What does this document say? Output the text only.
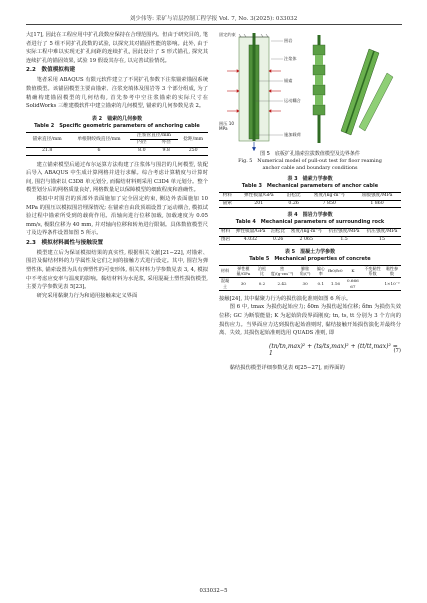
刘少伟等: 采矿与岩层控制工程学报 Vol. 7, No. 3(2025): 033032

大[17], 因此在工程应用中扩孔段数应保持在合理范围内。但由于研究目的, 笔者进行了 5 组不同扩孔段数的试验, 以探究其对锚固性能的影响。此外, 由于实际工程中难以实现无扩孔间距的连续扩孔, 因此设计了 S 形式锚孔, 探究其连续扩孔的锚固效果, 试验 19 假设其存在, 以完善试验情况。

2.2　数值模拟构建

笔者采用 ABAQUS 有限元软件建立了不同扩孔参数下注浆锚索锚固系统数值模型。该锚固模型主要由锚索、注浆充填体及围岩等 3 个部分组成, 为了精确构建锚固模型的几何结构, 首先参考中空注浆锚索的实际尺寸在 SolidWorks 三维建模软件中建立锚索的几何模型, 锚索的几何参数见表 2。

表 2　锚索的几何参数
Table 2　Specific geometric parameters of anchoring cable
锚索直径/mm	单根钢绞线直径/mm	注浆管直径/mm		捻距/mm
		内径	外径	
21.8	6	8.0	9.8	250

建立锚索模型后通过布尔运算方法构建了注浆体与围岩的几何模型, 装配后导入 ABAQUS 中生成计算网格并进行求解。综合考虑计算精度与计算时间, 围岩与锚索以 C3D8 单元划分, 而黏结材料则采用 C3D4 单元划分。整个模型划分后的网格质量良好, 网格数量足以保障模型的细致程度和准确性。

模拟中对围岩的顶部外表面施加了完全固定约束, 侧边外表面施加 10 MPa 的围压以模拟围岩埋深情况; 在锚索自由段顶端设置了运动耦合, 模拟试验过程中锚索所受到的载荷作用。沿轴向进行位移加载, 加载速度为 0.05 mm/s, 极限位移为 40 mm, 并对轴向位移和转角进行限制。具体数值模型尺寸及边界条件设置如图 5 所示。

2.3　模拟材料属性与接触设置

模型建立后为保证模拟结果的真实性, 根据相关文献[21−22], 对锚索、围岩及黏结材料的力学属性及它们之间的接触方式进行设定。其中, 围岩为弹塑性体, 锚索设置为具有弹塑性的可变形体, 相关材料力学参数见表 3, 4, 模拟中不考虑应变率与温度的影响。黏结材料为水泥浆, 采用混凝土塑性损伤模型, 主要力学参数见表 5[23]。

研究采用黏聚力行为和通用接触来定义界面

固定约束
围岩
注浆体
锚索
运动耦合
施加载荷
围压 10 MPa
图 5　底板扩孔锚索拉拔数值模型及边界条件
Fig. 5　Numerical model of pull-out test for floor reaming
anchor cable and boundary conditions
表 3　锚索力学参数
Table 3　Mechanical parameters of anchor cable
材料	弹性模量/GPa	泊松比	密度/(kg·m⁻³)	屈服强度/MPa
锚索	201	0.26	7 850	1 860
表 4　围岩力学参数
Table 4　Mechanical parameters of surrounding rock
材料	弹性模量/GPa	泊松比	密度/(kg·m⁻³)	抗拉强度/MPa	抗压强度/MPa
围岩	4.032	0.26	2 065	1.5	15
表 5　混凝土力学参数
Table 5　Mechanical properties of concrete
材料	弹性模量/GPa	泊松比	密度/(g·cm⁻³)	膨胀角/(°)	偏心率	fb0/fc0	K	不变黏性系数	黏性参数
混凝土	30	0.2	2.42	30	0.1	1.16	0.666 67		1×10⁻⁵

接触[24], 其中黏聚力行为的损伤演化准则如图 6 所示。

图 6 中, tmax 为损伤起始应力; δ0m 为损伤起始位移; δfm 为损伤失效位移; GC 为断裂能量; K 为起始阶段界面刚度; tn, ts, tt 分别为 3 个方向的损伤应力。当界面应力达到损伤起始准则时, 黏结接触开始损伤演化并最终分离、失效, 其损伤起始准则选用 QUADS 准则, 即

(tn/tn,max)² + (ts/ts,max)² + (tt/tt,max)² = 1	(7)

黏结损伤模型详细参数见表 6[25−27], 而界面的

033032−5
